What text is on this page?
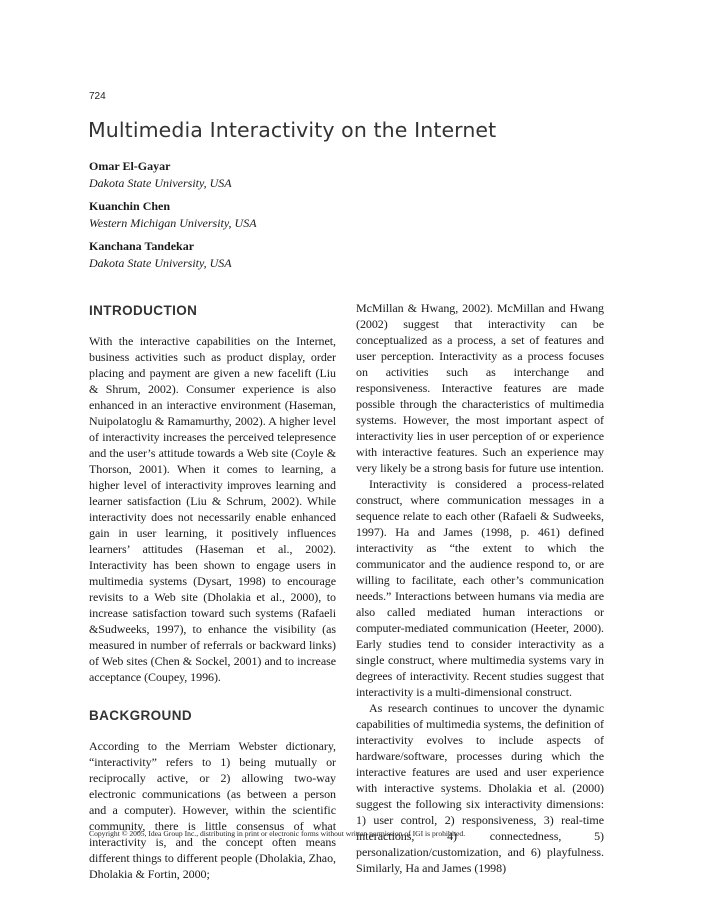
724
Multimedia Interactivity on the Internet
Omar El-Gayar
Dakota State University, USA
Kuanchin Chen
Western Michigan University, USA
Kanchana Tandekar
Dakota State University, USA
INTRODUCTION

With the interactive capabilities on the Internet, business activities such as product display, order placing and payment are given a new facelift (Liu & Shrum, 2002). Consumer experience is also enhanced in an interactive environment (Haseman, Nuipolatoglu & Ramamurthy, 2002). A higher level of interactivity increases the perceived telepresence and the user’s attitude towards a Web site (Coyle & Thorson, 2001). When it comes to learning, a higher level of interactivity improves learning and learner satisfaction (Liu & Schrum, 2002). While interactivity does not necessarily enable enhanced gain in user learning, it positively influences learners’ attitudes (Haseman et al., 2002). Interactivity has been shown to engage users in multimedia systems (Dysart, 1998) to encourage revisits to a Web site (Dholakia et al., 2000), to increase satisfaction toward such systems (Rafaeli &Sudweeks, 1997), to enhance the visibility (as measured in number of referrals or backward links) of Web sites (Chen & Sockel, 2001) and to increase acceptance (Coupey, 1996).

BACKGROUND

According to the Merriam Webster dictionary, “interactivity” refers to 1) being mutually or reciprocally active, or 2) allowing two-way electronic communications (as between a person and a computer). However, within the scientific community, there is little consensus of what interactivity is, and the concept often means different things to different people (Dholakia, Zhao, Dholakia & Fortin, 2000;

McMillan & Hwang, 2002). McMillan and Hwang (2002) suggest that interactivity can be conceptualized as a process, a set of features and user perception. Interactivity as a process focuses on activities such as interchange and responsiveness. Interactive features are made possible through the characteristics of multimedia systems. However, the most important aspect of interactivity lies in user perception of or experience with interactive features. Such an experience may very likely be a strong basis for future use intention.

Interactivity is considered a process-related construct, where communication messages in a sequence relate to each other (Rafaeli & Sudweeks, 1997). Ha and James (1998, p. 461) defined interactivity as “the extent to which the communicator and the audience respond to, or are willing to facilitate, each other’s communication needs.” Interactions between humans via media are also called mediated human interactions or computer-mediated communication (Heeter, 2000). Early studies tend to consider interactivity as a single construct, where multimedia systems vary in degrees of interactivity. Recent studies suggest that interactivity is a multi-dimensional construct.

As research continues to uncover the dynamic capabilities of multimedia systems, the definition of interactivity evolves to include aspects of hardware/software, processes during which the interactive features are used and user experience with interactive systems. Dholakia et al. (2000) suggest the following six interactivity dimensions: 1) user control, 2) responsiveness, 3) real-time interactions, 4) connectedness, 5) personalization/customization, and 6) playfulness. Similarly, Ha and James (1998)

Copyright © 2005, Idea Group Inc., distributing in print or electronic forms without written permission of IGI is prohibited.
